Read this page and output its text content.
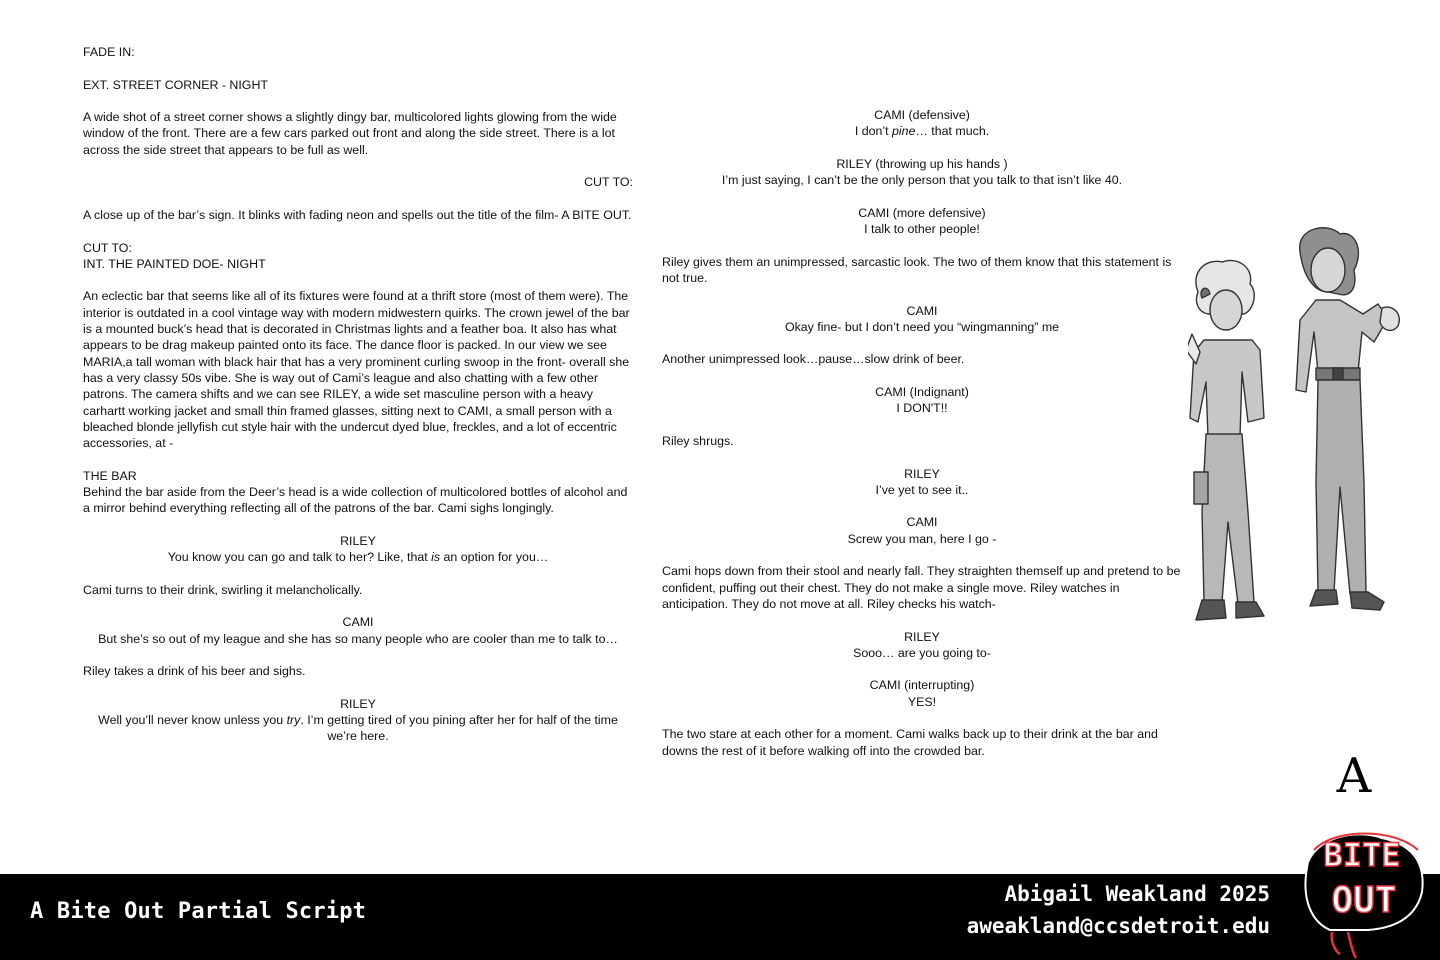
FADE IN:

EXT. STREET CORNER - NIGHT

A wide shot of a street corner shows a slightly dingy bar, multicolored lights glowing from the wide window of the front. There are a few cars parked out front and along the side street. There is a lot across the side street that appears to be full as well.

CUT TO:

A close up of the bar’s sign. It blinks with fading neon and spells out the title of the film- A BITE OUT.

CUT TO:

INT. THE PAINTED DOE- NIGHT

An eclectic bar that seems like all of its fixtures were found at a thrift store (most of them were). The interior is outdated in a cool vintage way with modern midwestern quirks. The crown jewel of the bar is a mounted buck’s head that is decorated in Christmas lights and a feather boa. It also has what appears to be drag makeup painted onto its face. The dance floor is packed. In our view we see MARIA,a tall woman with black hair that has a very prominent curling swoop in the front- overall she has a very classy 50s vibe. She is way out of Cami’s league and also chatting with a few other patrons. The camera shifts and we can see RILEY, a wide set masculine person with a heavy carhartt working jacket and small thin framed glasses, sitting next to CAMI, a small person with a bleached blonde jellyfish cut style hair with the undercut dyed blue, freckles, and a lot of eccentric accessories, at -

THE BAR

Behind the bar aside from the Deer’s head is a wide collection of multicolored bottles of alcohol and a mirror behind everything reflecting all of the patrons of the bar. Cami sighs longingly.

RILEY
You know you can go and talk to her? Like, that is an option for you…

Cami turns to their drink, swirling it melancholically.

CAMI
But she’s so out of my league and she has so many people who are cooler than me to talk to…

Riley takes a drink of his beer and sighs.

RILEY
Well you’ll never know unless you try. I’m getting tired of you pining after her for half of the time we’re here.
CAMI (defensive)
I don’t pine… that much.
RILEY (throwing up his hands )
I’m just saying, I can’t be the only person that you talk to that isn’t like 40.
CAMI (more defensive)
I talk to other people!

Riley gives them an unimpressed, sarcastic look. The two of them know that this statement is not true.

CAMI
Okay fine- but I don’t need you “wingmanning” me

Another unimpressed look…pause…slow drink of beer.

CAMI (Indignant)
I DON'T!!

Riley shrugs.

RILEY
I’ve yet to see it..
CAMI
Screw you man, here I go -

Cami hops down from their stool and nearly fall. They straighten themself up and pretend to be confident, puffing out their chest. They do not make a single move. Riley watches in anticipation. They do not move at all. Riley checks his watch-

RILEY
Sooo… are you going to-
CAMI (interrupting)
YES!

The two stare at each other for a moment. Cami walks back up to their drink at the bar and downs the rest of it before walking off into the crowded bar.

A Bite Out Partial Script
Abigail Weakland 2025
aweakland@ccsdetroit.edu
A
BITE
OUT
